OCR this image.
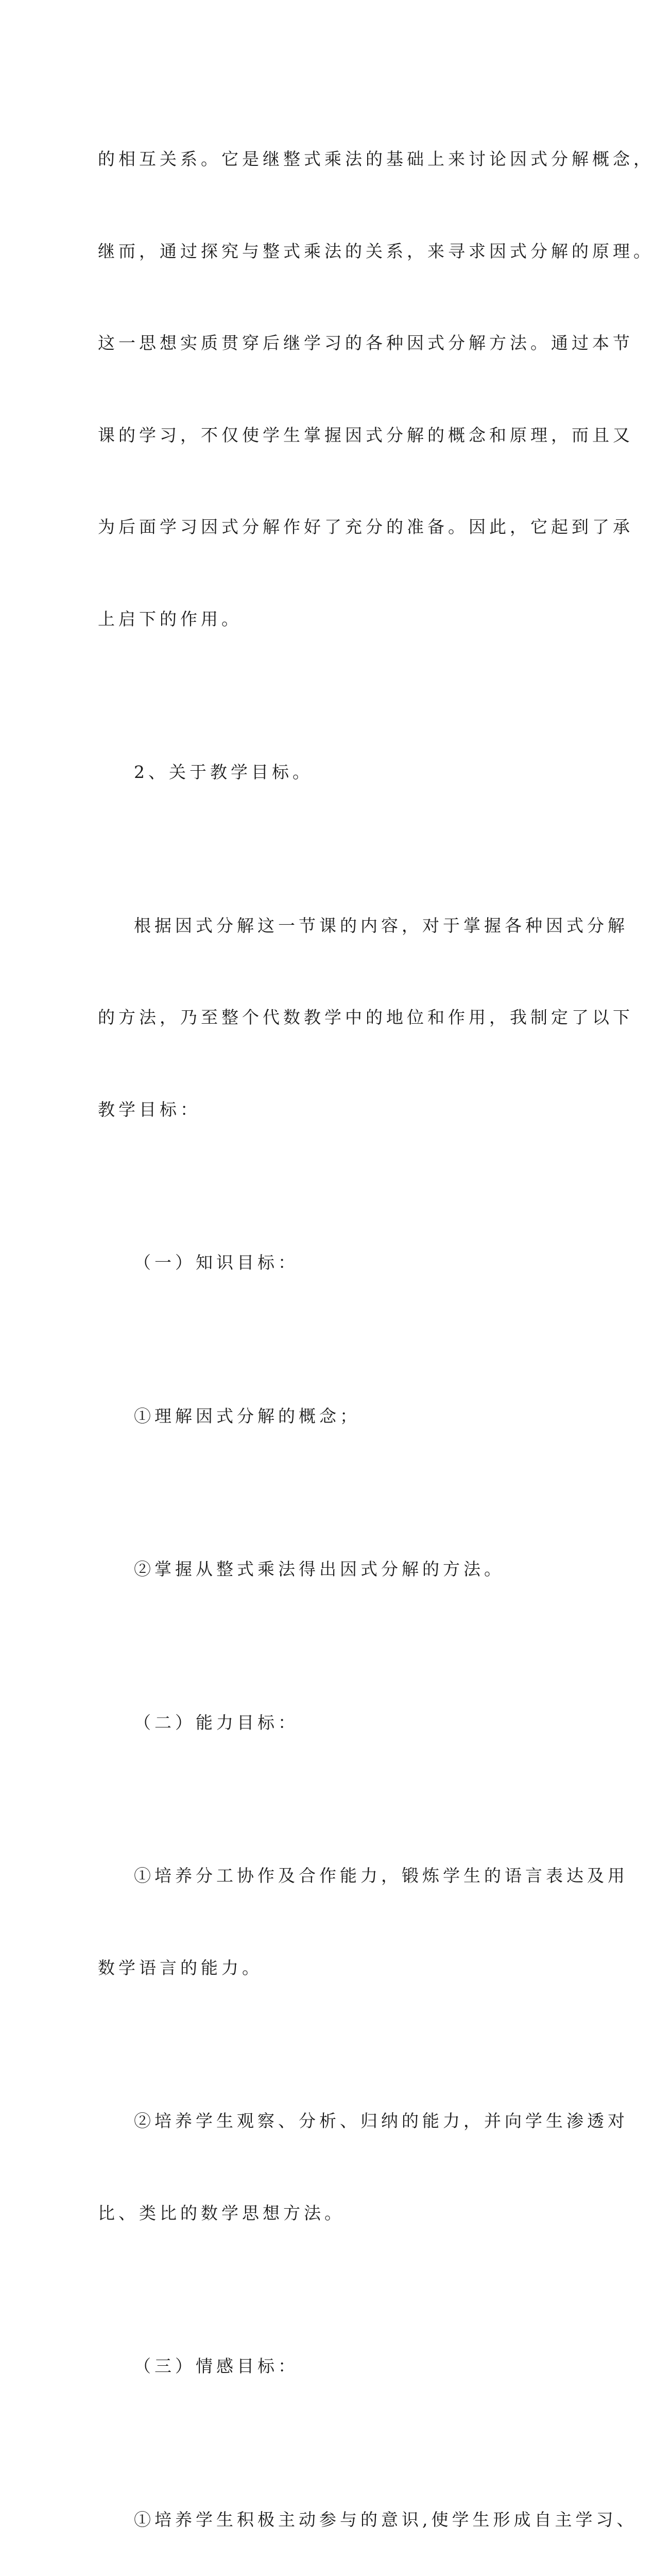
的相互关系。它是继整式乘法的基础上来讨论因式分解概念，

继而，通过探究与整式乘法的关系，来寻求因式分解的原理。

这一思想实质贯穿后继学习的各种因式分解方法。通过本节

课的学习，不仅使学生掌握因式分解的概念和原理，而且又

为后面学习因式分解作好了充分的准备。因此，它起到了承

上启下的作用。

2、关于教学目标。

根据因式分解这一节课的内容，对于掌握各种因式分解

的方法，乃至整个代数教学中的地位和作用，我制定了以下

教学目标：

（一）知识目标：

①理解因式分解的概念；

②掌握从整式乘法得出因式分解的方法。

（二）能力目标：

①培养分工协作及合作能力，锻炼学生的语言表达及用

数学语言的能力。

②培养学生观察、分析、归纳的能力，并向学生渗透对

比、类比的数学思想方法。

（三）情感目标：

①培养学生积极主动参与的意识,使学生形成自主学习、
